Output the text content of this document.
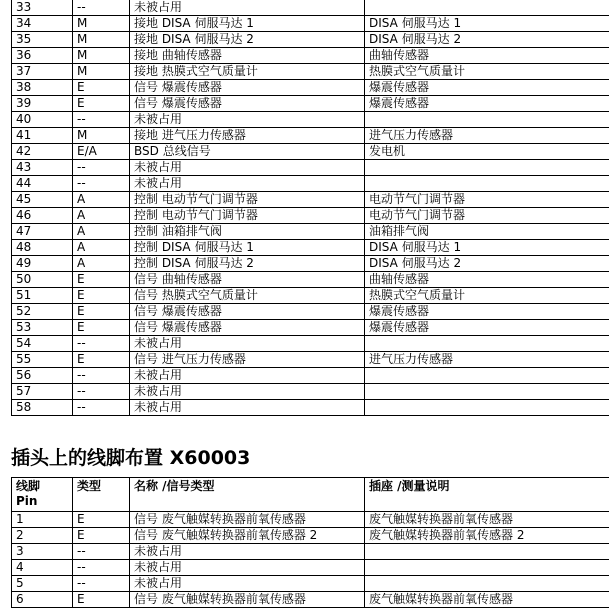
33	--	未被占用	
34	M	接地 DISA 伺服马达 1	DISA 伺服马达 1
35	M	接地 DISA 伺服马达 2	DISA 伺服马达 2
36	M	接地 曲轴传感器	曲轴传感器
37	M	接地 热膜式空气质量计	热膜式空气质量计
38	E	信号 爆震传感器	爆震传感器
39	E	信号 爆震传感器	爆震传感器
40	--	未被占用	
41	M	接地 进气压力传感器	进气压力传感器
42	E/A	BSD 总线信号	发电机
43	--	未被占用	
44	--	未被占用	
45	A	控制 电动节气门调节器	电动节气门调节器
46	A	控制 电动节气门调节器	电动节气门调节器
47	A	控制 油箱排气阀	油箱排气阀
48	A	控制 DISA 伺服马达 1	DISA 伺服马达 1
49	A	控制 DISA 伺服马达 2	DISA 伺服马达 2
50	E	信号 曲轴传感器	曲轴传感器
51	E	信号 热膜式空气质量计	热膜式空气质量计
52	E	信号 爆震传感器	爆震传感器
53	E	信号 爆震传感器	爆震传感器
54	--	未被占用	
55	E	信号 进气压力传感器	进气压力传感器
56	--	未被占用	
57	--	未被占用	
58	--	未被占用	
插头上的线脚布置 X60003
线脚
Pin	类型	名称 /信号类型	插座 /测量说明
1	E	信号 废气触媒转换器前氧传感器	废气触媒转换器前氧传感器
2	E	信号 废气触媒转换器前氧传感器 2	废气触媒转换器前氧传感器 2
3	--	未被占用	
4	--	未被占用	
5	--	未被占用	
6	E	信号 废气触媒转换器前氧传感器	废气触媒转换器前氧传感器
